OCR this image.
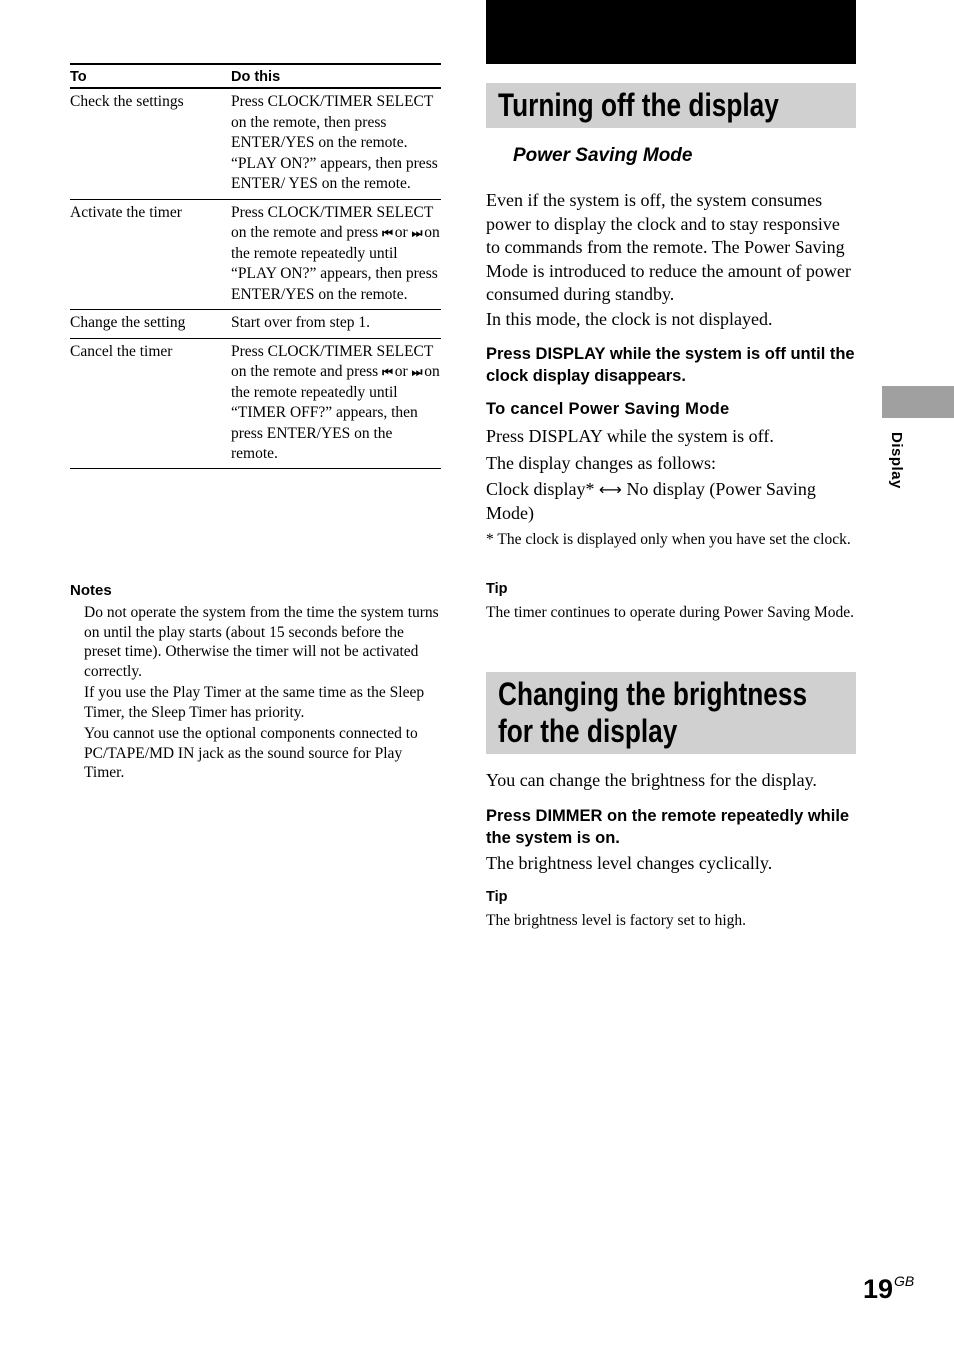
To	Do this
Check the settings	Press CLOCK/TIMER SELECT on the remote, then press ENTER/YES on the remote. “PLAY ON?” appears, then press ENTER/ YES on the remote.
Activate the timer	Press CLOCK/TIMER SELECT on the remote and press ⏮ or ⏭ on the remote repeatedly until “PLAY ON?” appears, then press ENTER/YES on the remote.
Change the setting	Start over from step 1.
Cancel the timer	Press CLOCK/TIMER SELECT on the remote and press ⏮ or ⏭ on the remote repeatedly until “TIMER OFF?” appears, then press ENTER/YES on the remote.
Notes
Do not operate the system from the time the system turns on until the play starts (about 15 seconds before the preset time). Otherwise the timer will not be activated correctly.
If you use the Play Timer at the same time as the Sleep Timer, the Sleep Timer has priority.
You cannot use the optional components connected to PC/TAPE/MD IN jack as the sound source for Play Timer.
Turning off the display
Power Saving Mode
Even if the system is off, the system consumes power to display the clock and to stay responsive to commands from the remote. The Power Saving Mode is introduced to reduce the amount of power consumed during standby.
In this mode, the clock is not displayed.
Press DISPLAY while the system is off until the clock display disappears.
To cancel Power Saving Mode
Press DISPLAY while the system is off.
The display changes as follows:
Clock display* ⟷ No display (Power Saving Mode)
* The clock is displayed only when you have set the clock.
Tip
The timer continues to operate during Power Saving Mode.
Changing the brightness
for the display
You can change the brightness for the display.
Press DIMMER on the remote repeatedly while the system is on.
The brightness level changes cyclically.
Tip
The brightness level is factory set to high.
Display
$19^{GB}$
